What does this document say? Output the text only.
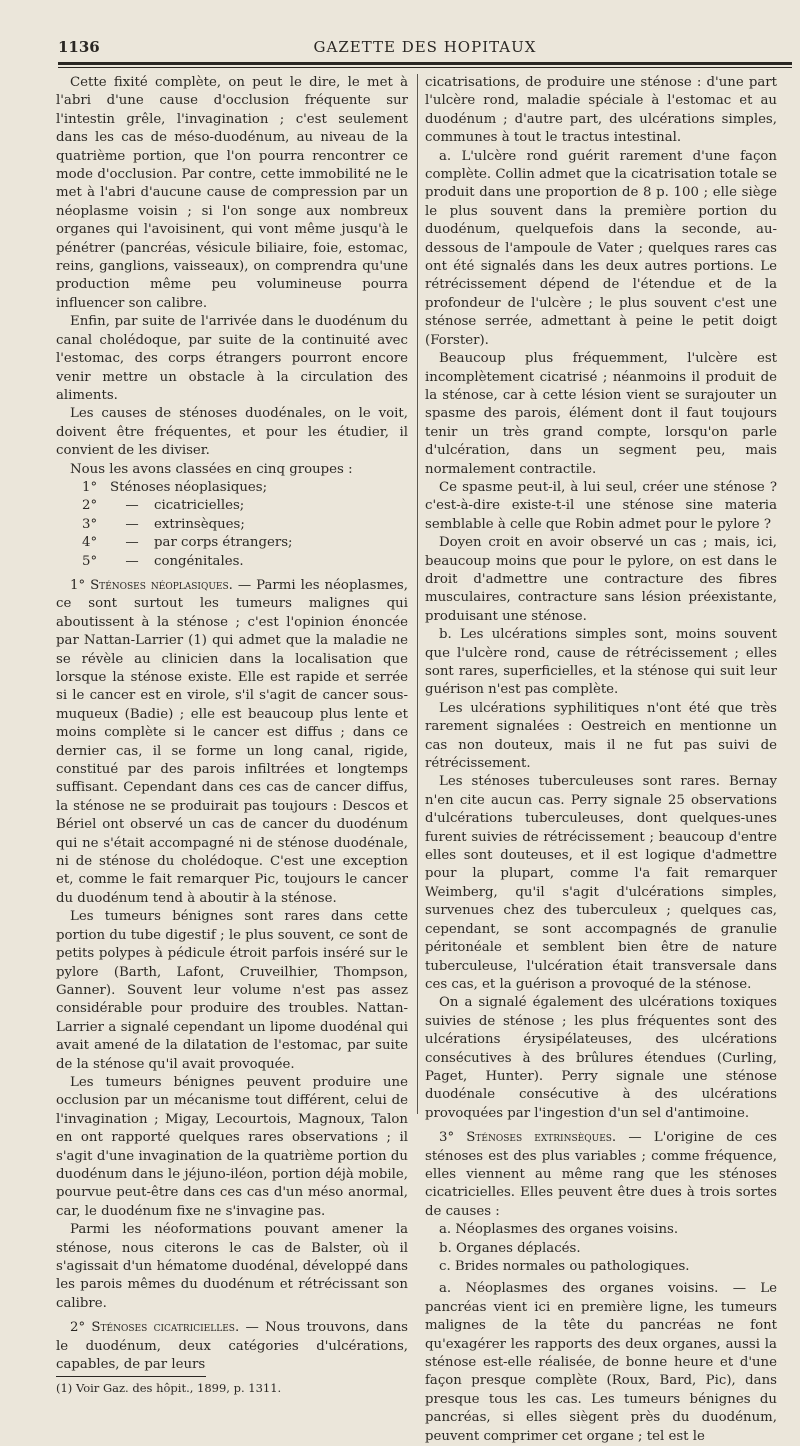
1136	GAZETTE DES HOPITAUX

Cette fixité complète, on peut le dire, le met à l'abri d'une cause d'occlusion fréquente sur l'intestin grêle, l'invagination ; c'est seulement dans les cas de méso-duodénum, au niveau de la quatrième portion, que l'on pourra rencontrer ce mode d'occlusion. Par contre, cette immobilité ne le met à l'abri d'aucune cause de compression par un néoplasme voisin ; si l'on songe aux nombreux organes qui l'avoisinent, qui vont même jusqu'à le pénétrer (pancréas, vésicule biliaire, foie, estomac, reins, ganglions, vaisseaux), on comprendra qu'une production même peu volumineuse pourra influencer son calibre.

Enfin, par suite de l'arrivée dans le duodénum du canal cholédoque, par suite de la continuité avec l'estomac, des corps étrangers pourront encore venir mettre un obstacle à la circulation des aliments.

Les causes de sténoses duodénales, on le voit, doivent être fréquentes, et pour les étudier, il convient de les diviser.

Nous les avons classées en cinq groupes :

1° Sténoses néoplasiques;
2°	—	cicatricielles;
3°	—	extrinsèques;
4°	—	par corps étrangers;
5°	—	congénitales.

1° Sténoses néoplasiques. — Parmi les néoplasmes, ce sont surtout les tumeurs malignes qui aboutissent à la sténose ; c'est l'opinion énoncée par Nattan-Larrier (1) qui admet que la maladie ne se révèle au clinicien dans la localisation que lorsque la sténose existe. Elle est rapide et serrée si le cancer est en virole, s'il s'agit de cancer sous-muqueux (Badie) ; elle est beaucoup plus lente et moins complète si le cancer est diffus ; dans ce dernier cas, il se forme un long canal, rigide, constitué par des parois infiltrées et longtemps suffisant. Cependant dans ces cas de cancer diffus, la sténose ne se produirait pas toujours : Descos et Bériel ont observé un cas de cancer du duodénum qui ne s'était accompagné ni de sténose duodénale, ni de sténose du cholédoque. C'est une exception et, comme le fait remarquer Pic, toujours le cancer du duodénum tend à aboutir à la sténose.

Les tumeurs bénignes sont rares dans cette portion du tube digestif ; le plus souvent, ce sont de petits polypes à pédicule étroit parfois inséré sur le pylore (Barth, Lafont, Cruveilhier, Thompson, Ganner). Souvent leur volume n'est pas assez considérable pour produire des troubles. Nattan-Larrier a signalé cependant un lipome duodénal qui avait amené de la dilatation de l'estomac, par suite de la sténose qu'il avait provoquée.

Les tumeurs bénignes peuvent produire une occlusion par un mécanisme tout différent, celui de l'invagination ; Migay, Lecourtois, Magnoux, Talon en ont rapporté quelques rares observations ; il s'agit d'une invagination de la quatrième portion du duodénum dans le jéjuno-iléon, portion déjà mobile, pourvue peut-être dans ces cas d'un méso anormal, car, le duodénum fixe ne s'invagine pas.

Parmi les néoformations pouvant amener la sténose, nous citerons le cas de Balster, où il s'agissait d'un hématome duodénal, développé dans les parois mêmes du duodénum et rétrécissant son calibre.

2° Sténoses cicatricielles. — Nous trouvons, dans le duodénum, deux catégories d'ulcérations, capables, de par leurs

(1) Voir Gaz. des hôpit., 1899, p. 1311.

cicatrisations, de produire une sténose : d'une part l'ulcère rond, maladie spéciale à l'estomac et au duodénum ; d'autre part, des ulcérations simples, communes à tout le tractus intestinal.

a. L'ulcère rond guérit rarement d'une façon complète. Collin admet que la cicatrisation totale se produit dans une proportion de 8 p. 100 ; elle siège le plus souvent dans la première portion du duodénum, quelquefois dans la seconde, au-dessous de l'ampoule de Vater ; quelques rares cas ont été signalés dans les deux autres portions. Le rétrécissement dépend de l'étendue et de la profondeur de l'ulcère ; le plus souvent c'est une sténose serrée, admettant à peine le petit doigt (Forster).

Beaucoup plus fréquemment, l'ulcère est incomplètement cicatrisé ; néanmoins il produit de la sténose, car à cette lésion vient se surajouter un spasme des parois, élément dont il faut toujours tenir un très grand compte, lorsqu'on parle d'ulcération, dans un segment peu, mais normalement contractile.

Ce spasme peut-il, à lui seul, créer une sténose ? c'est-à-dire existe-t-il une sténose sine materia semblable à celle que Robin admet pour le pylore ?

Doyen croit en avoir observé un cas ; mais, ici, beaucoup moins que pour le pylore, on est dans le droit d'admettre une contracture des fibres musculaires, contracture sans lésion préexistante, produisant une sténose.

b. Les ulcérations simples sont, moins souvent que l'ulcère rond, cause de rétrécissement ; elles sont rares, superficielles, et la sténose qui suit leur guérison n'est pas complète.

Les ulcérations syphilitiques n'ont été que très rarement signalées : Oestreich en mentionne un cas non douteux, mais il ne fut pas suivi de rétrécissement.

Les sténoses tuberculeuses sont rares. Bernay n'en cite aucun cas. Perry signale 25 observations d'ulcérations tuberculeuses, dont quelques-unes furent suivies de rétrécissement ; beaucoup d'entre elles sont douteuses, et il est logique d'admettre pour la plupart, comme l'a fait remarquer Weimberg, qu'il s'agit d'ulcérations simples, survenues chez des tuberculeux ; quelques cas, cependant, se sont accompagnés de granulie péritonéale et semblent bien être de nature tuberculeuse, l'ulcération était transversale dans ces cas, et la guérison a provoqué de la sténose.

On a signalé également des ulcérations toxiques suivies de sténose ; les plus fréquentes sont des ulcérations érysipélateuses, des ulcérations consécutives à des brûlures étendues (Curling, Paget, Hunter). Perry signale une sténose duodénale consécutive à des ulcérations provoquées par l'ingestion d'un sel d'antimoine.

3° Sténoses extrinsèques. — L'origine de ces sténoses est des plus variables ; comme fréquence, elles viennent au même rang que les sténoses cicatricielles. Elles peuvent être dues à trois sortes de causes :

a. Néoplasmes des organes voisins.

b. Organes déplacés.

c. Brides normales ou pathologiques.

a. Néoplasmes des organes voisins. — Le pancréas vient ici en première ligne, les tumeurs malignes de la tête du pancréas ne font qu'exagérer les rapports des deux organes, aussi la sténose est-elle réalisée, de bonne heure et d'une façon presque complète (Roux, Bard, Pic), dans presque tous les cas. Les tumeurs bénignes du pancréas, si elles siègent près du duodénum, peuvent comprimer cet organe ; tel est le
